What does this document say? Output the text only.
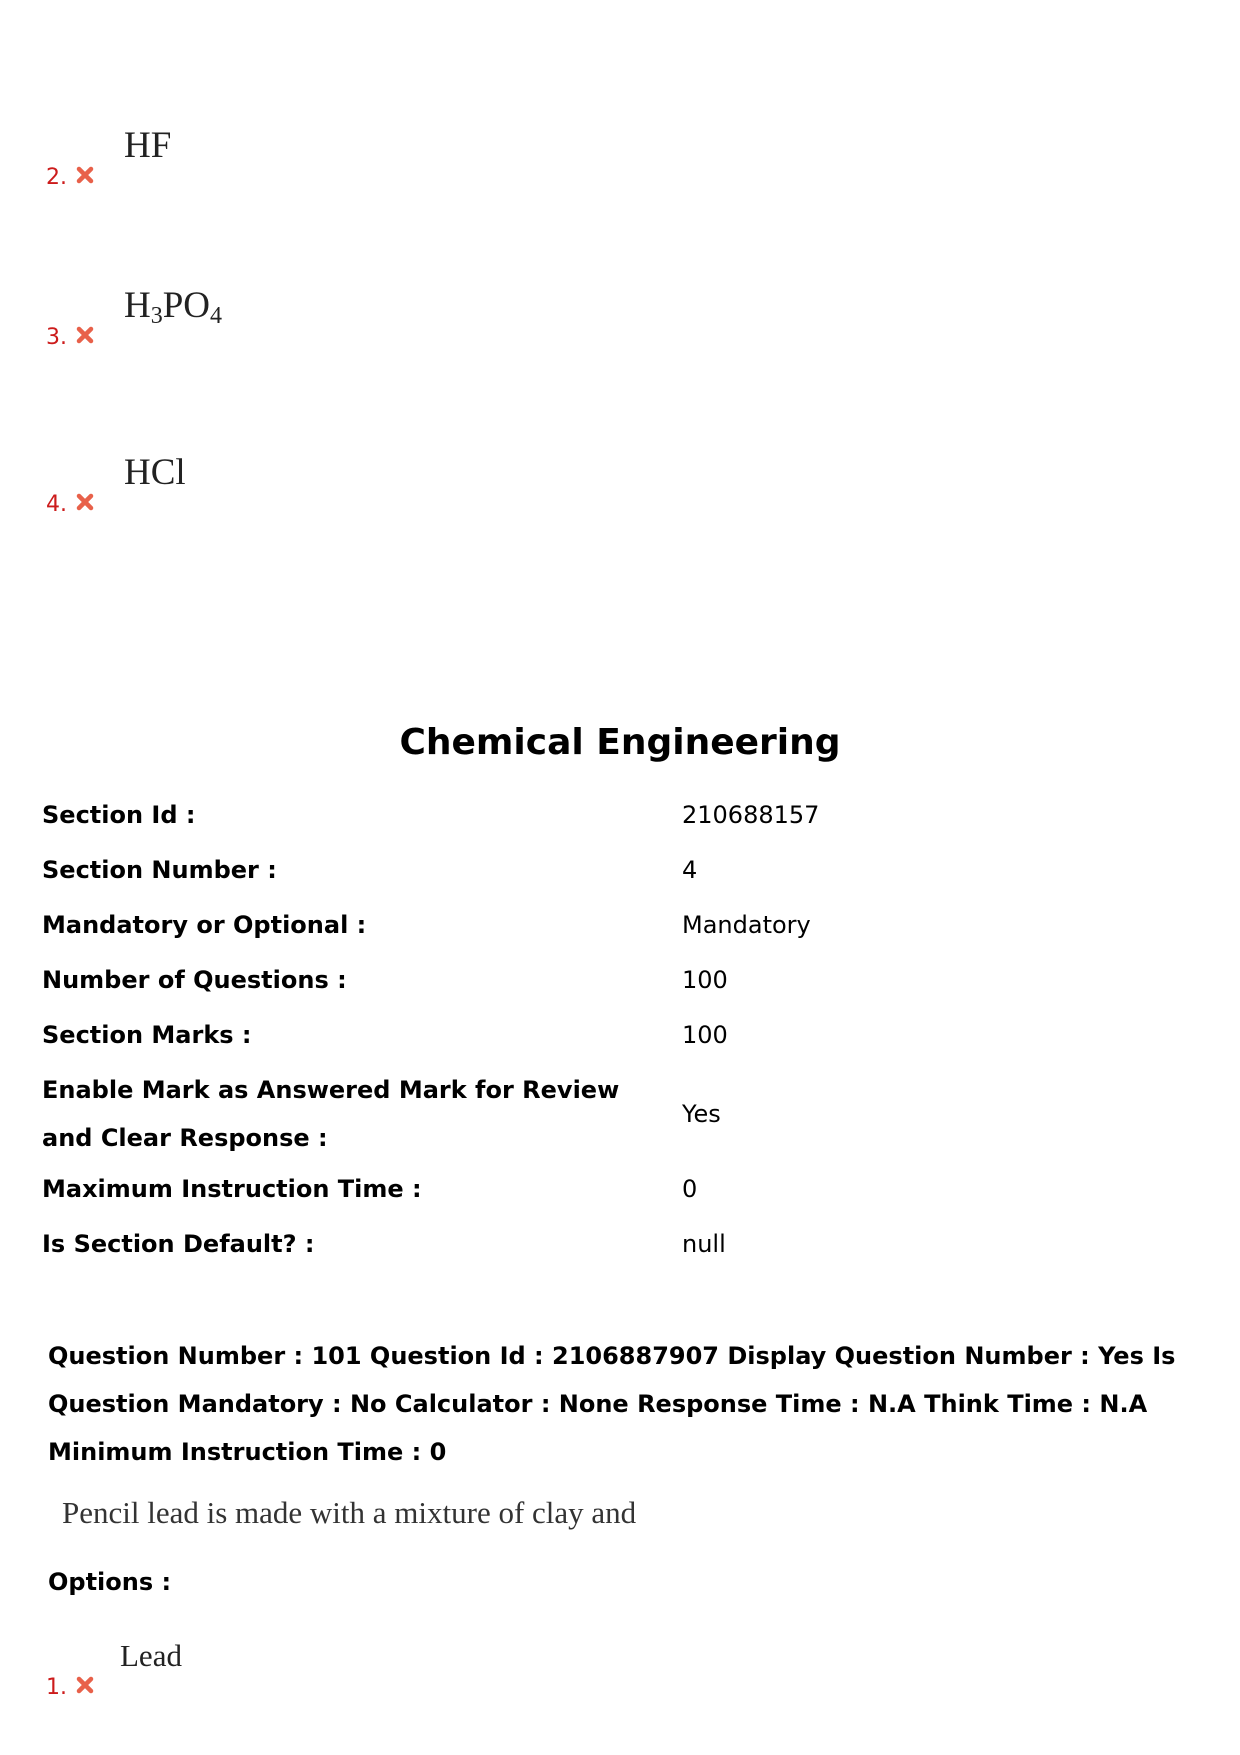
2.
HF
3.
$H_3PO_4$
4.
HCl
Chemical Engineering
Section Id :	210688157
Section Number :	4
Mandatory or Optional :	Mandatory
Number of Questions :	100
Section Marks :	100
Enable Mark as Answered Mark for Review and Clear Response :
Yes
Maximum Instruction Time :	0
Is Section Default? :	null
Question Number : 101 Question Id : 2106887907 Display Question Number : Yes Is Question Mandatory : No Calculator : None Response Time : N.A Think Time : N.A Minimum Instruction Time : 0
Pencil lead is made with a mixture of clay and
Options :
1.
Lead
